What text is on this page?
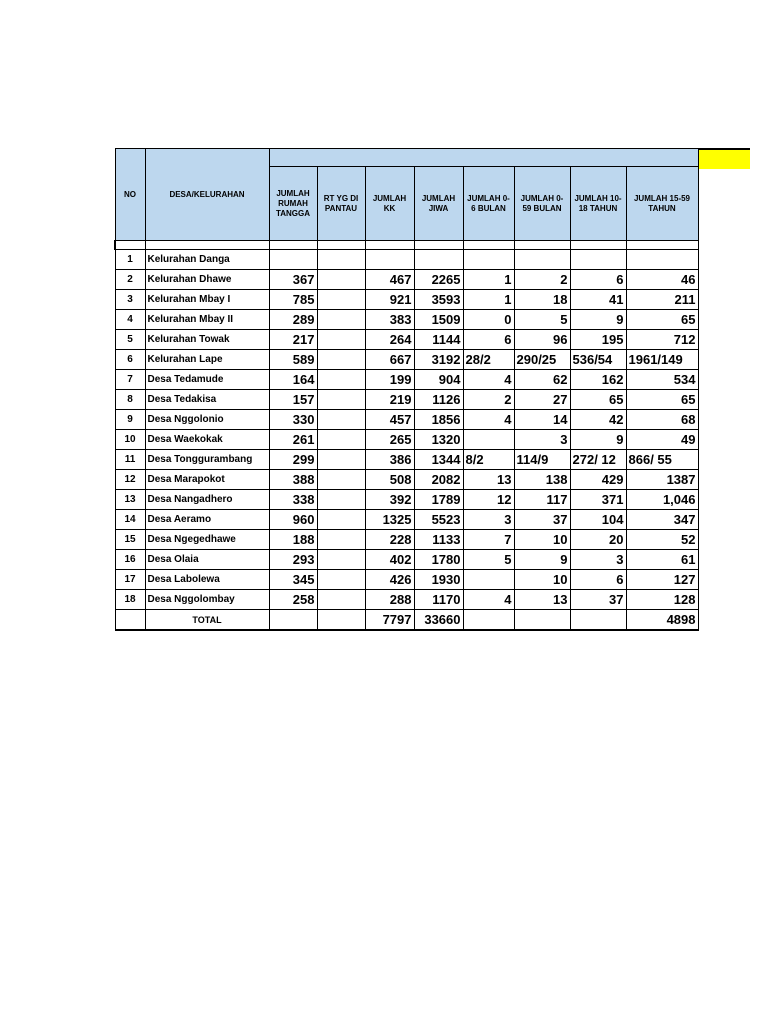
NO	DESA/KELURAHAN								
		JUMLAH RUMAH TANGGA	RT YG DI PANTAU	JUMLAH KK	JUMLAH JIWA	JUMLAH 0-6 BULAN	JUMLAH 0-59 BULAN	JUMLAH 10-18 TAHUN	JUMLAH 15-59 TAHUN

1	Kelurahan Danga								
2	Kelurahan Dhawe	367		467	2265	1	2	6	46
3	Kelurahan Mbay I	785		921	3593	1	18	41	211
4	Kelurahan Mbay II	289		383	1509	0	5	9	65
5	Kelurahan Towak	217		264	1144	6	96	195	712
6	Kelurahan Lape	589		667	3192	28/2	290/25	536/54	1961/149
7	Desa Tedamude	164		199	904	4	62	162	534
8	Desa Tedakisa	157		219	1126	2	27	65	65
9	Desa Nggolonio	330		457	1856	4	14	42	68
10	Desa Waekokak	261		265	1320		3	9	49
11	Desa Tonggurambang	299		386	1344	8/2	114/9	272/ 12	866/ 55
12	Desa Marapokot	388		508	2082	13	138	429	1387
13	Desa Nangadhero	338		392	1789	12	117	371	1,046
14	Desa Aeramo	960		1325	5523	3	37	104	347
15	Desa Ngegedhawe	188		228	1133	7	10	20	52
16	Desa Olaia	293		402	1780	5	9	3	61
17	Desa Labolewa	345		426	1930		10	6	127
18	Desa Nggolombay	258		288	1170	4	13	37	128
	TOTAL			7797	33660				4898
